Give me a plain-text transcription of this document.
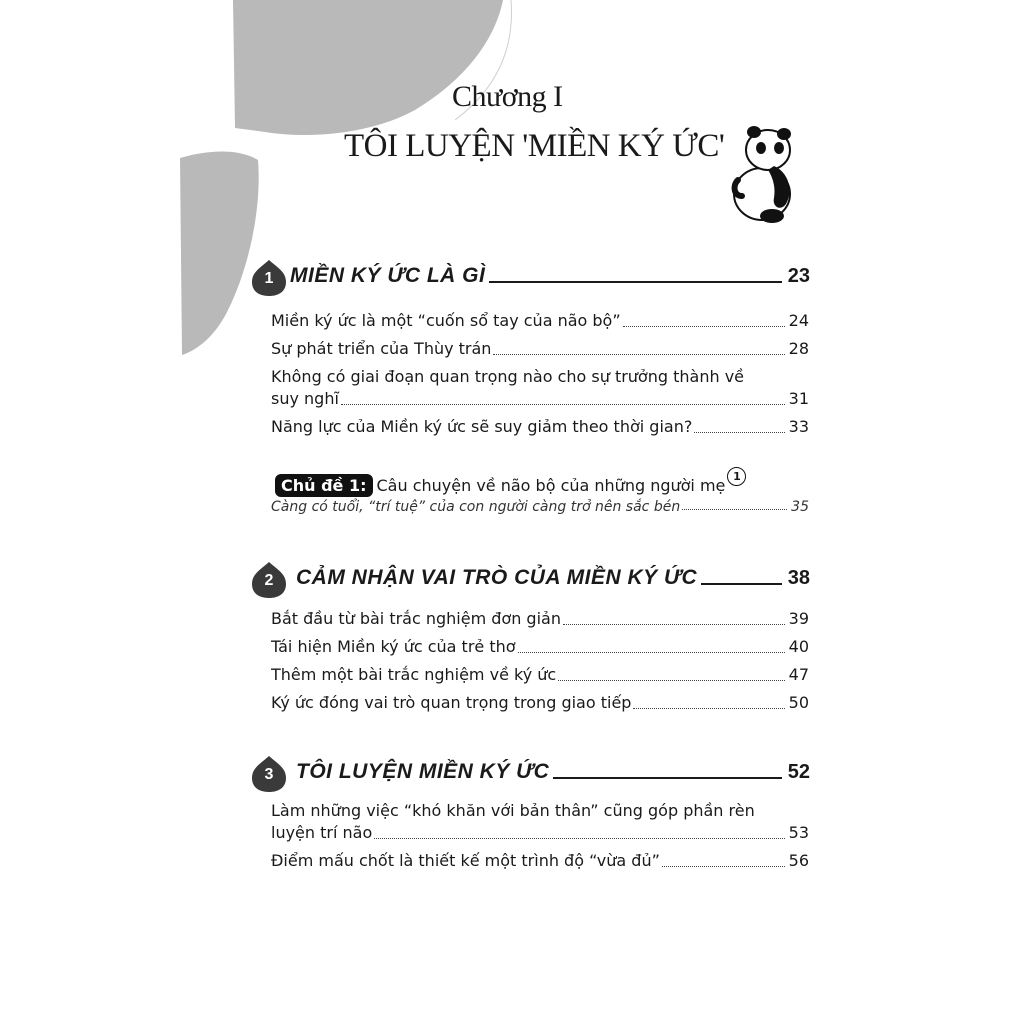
Chương I
TÔI LUYỆN 'MIỀN KÝ ỨC'
1 MIỀN KÝ ỨC LÀ GÌ	23
Miền ký ức là một “cuốn sổ tay của não bộ”	24
Sự phát triển của Thùy trán	28
Không có giai đoạn quan trọng nào cho sự trưởng thành về
suy nghĩ	31
Năng lực của Miền ký ức sẽ suy giảm theo thời gian?	33
Chủ đề 1: Câu chuyện về não bộ của những người mẹ 1
Càng có tuổi, “trí tuệ” của con người càng trở nên sắc bén	35
2	CẢM NHẬN VAI TRÒ CỦA MIỀN KÝ ỨC	38
Bắt đầu từ bài trắc nghiệm đơn giản	39
Tái hiện Miền ký ức của trẻ thơ	40
Thêm một bài trắc nghiệm về ký ức	47
Ký ức đóng vai trò quan trọng trong giao tiếp	50
3	TÔI LUYỆN MIỀN KÝ ỨC	52
Làm những việc “khó khăn với bản thân” cũng góp phần rèn
luyện trí não	53
Điểm mấu chốt là thiết kế một trình độ “vừa đủ”	56
